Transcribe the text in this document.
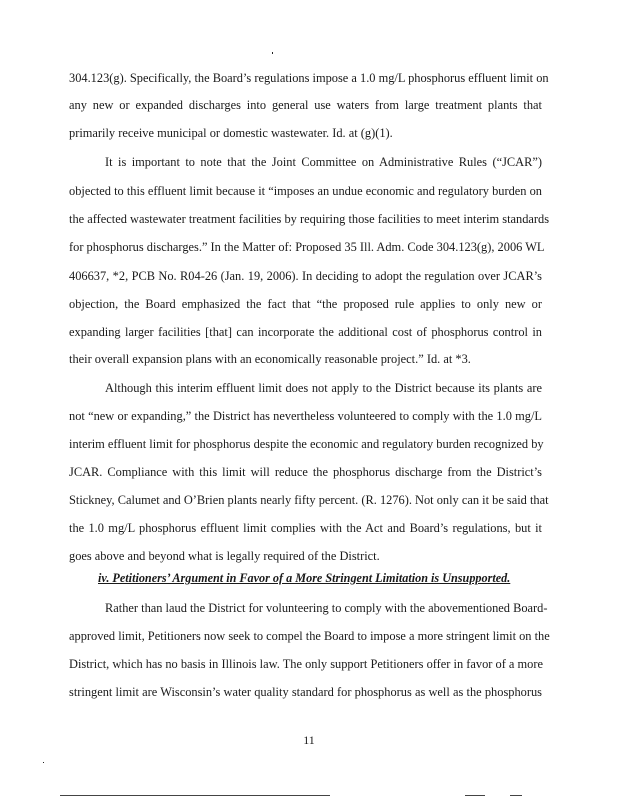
304.123(g). Specifically, the Board’s regulations impose a 1.0 mg/L phosphorus effluent limit on
any new or expanded discharges into general use waters from large treatment plants that
primarily receive municipal or domestic wastewater. Id. at (g)(1).
It is important to note that the Joint Committee on Administrative Rules (“JCAR”)
objected to this effluent limit because it “imposes an undue economic and regulatory burden on
the affected wastewater treatment facilities by requiring those facilities to meet interim standards
for phosphorus discharges.” In the Matter of: Proposed 35 Ill. Adm. Code 304.123(g), 2006 WL
406637, *2, PCB No. R04-26 (Jan. 19, 2006). In deciding to adopt the regulation over JCAR’s
objection, the Board emphasized the fact that “the proposed rule applies to only new or
expanding larger facilities [that] can incorporate the additional cost of phosphorus control in
their overall expansion plans with an economically reasonable project.” Id. at *3.
Although this interim effluent limit does not apply to the District because its plants are
not “new or expanding,” the District has nevertheless volunteered to comply with the 1.0 mg/L
interim effluent limit for phosphorus despite the economic and regulatory burden recognized by
JCAR. Compliance with this limit will reduce the phosphorus discharge from the District’s
Stickney, Calumet and O’Brien plants nearly fifty percent. (R. 1276). Not only can it be said that
the 1.0 mg/L phosphorus effluent limit complies with the Act and Board’s regulations, but it
goes above and beyond what is legally required of the District.
iv. Petitioners’ Argument in Favor of a More Stringent Limitation is Unsupported.
Rather than laud the District for volunteering to comply with the abovementioned Board-
approved limit, Petitioners now seek to compel the Board to impose a more stringent limit on the
District, which has no basis in Illinois law. The only support Petitioners offer in favor of a more
stringent limit are Wisconsin’s water quality standard for phosphorus as well as the phosphorus
11
